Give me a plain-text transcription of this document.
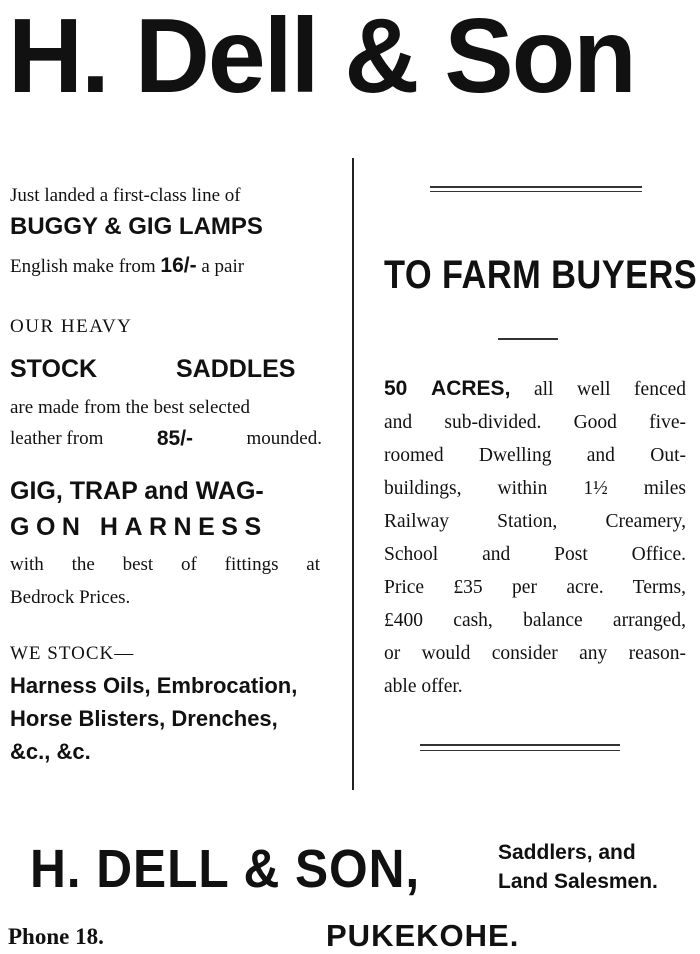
H. Dell & Son
Just landed a first-class line of
BUGGY & GIG LAMPS
English make from 16/- a pair
OUR HEAVY
STOCK	SADDLES
are made from the best selected
leather from	85/-	mounded.
GIG, TRAP and WAG-
GON HARNESS
with the best of fittings at
Bedrock Prices.
WE STOCK—
Harness Oils, Embrocation,
Horse Blisters, Drenches,
&c., &c.
TO FARM BUYERS
50 ACRES, all well fenced
and sub-divided. Good five-
roomed Dwelling and Out-
buildings, within 1½ miles
Railway Station, Creamery,
School and Post Office.
Price £35 per acre. Terms,
£400 cash, balance arranged,
or would consider any reason-
able offer.
H. DELL & SON,	Saddlers, and
Land Salesmen.
Phone 18.	PUKEKOHE.
